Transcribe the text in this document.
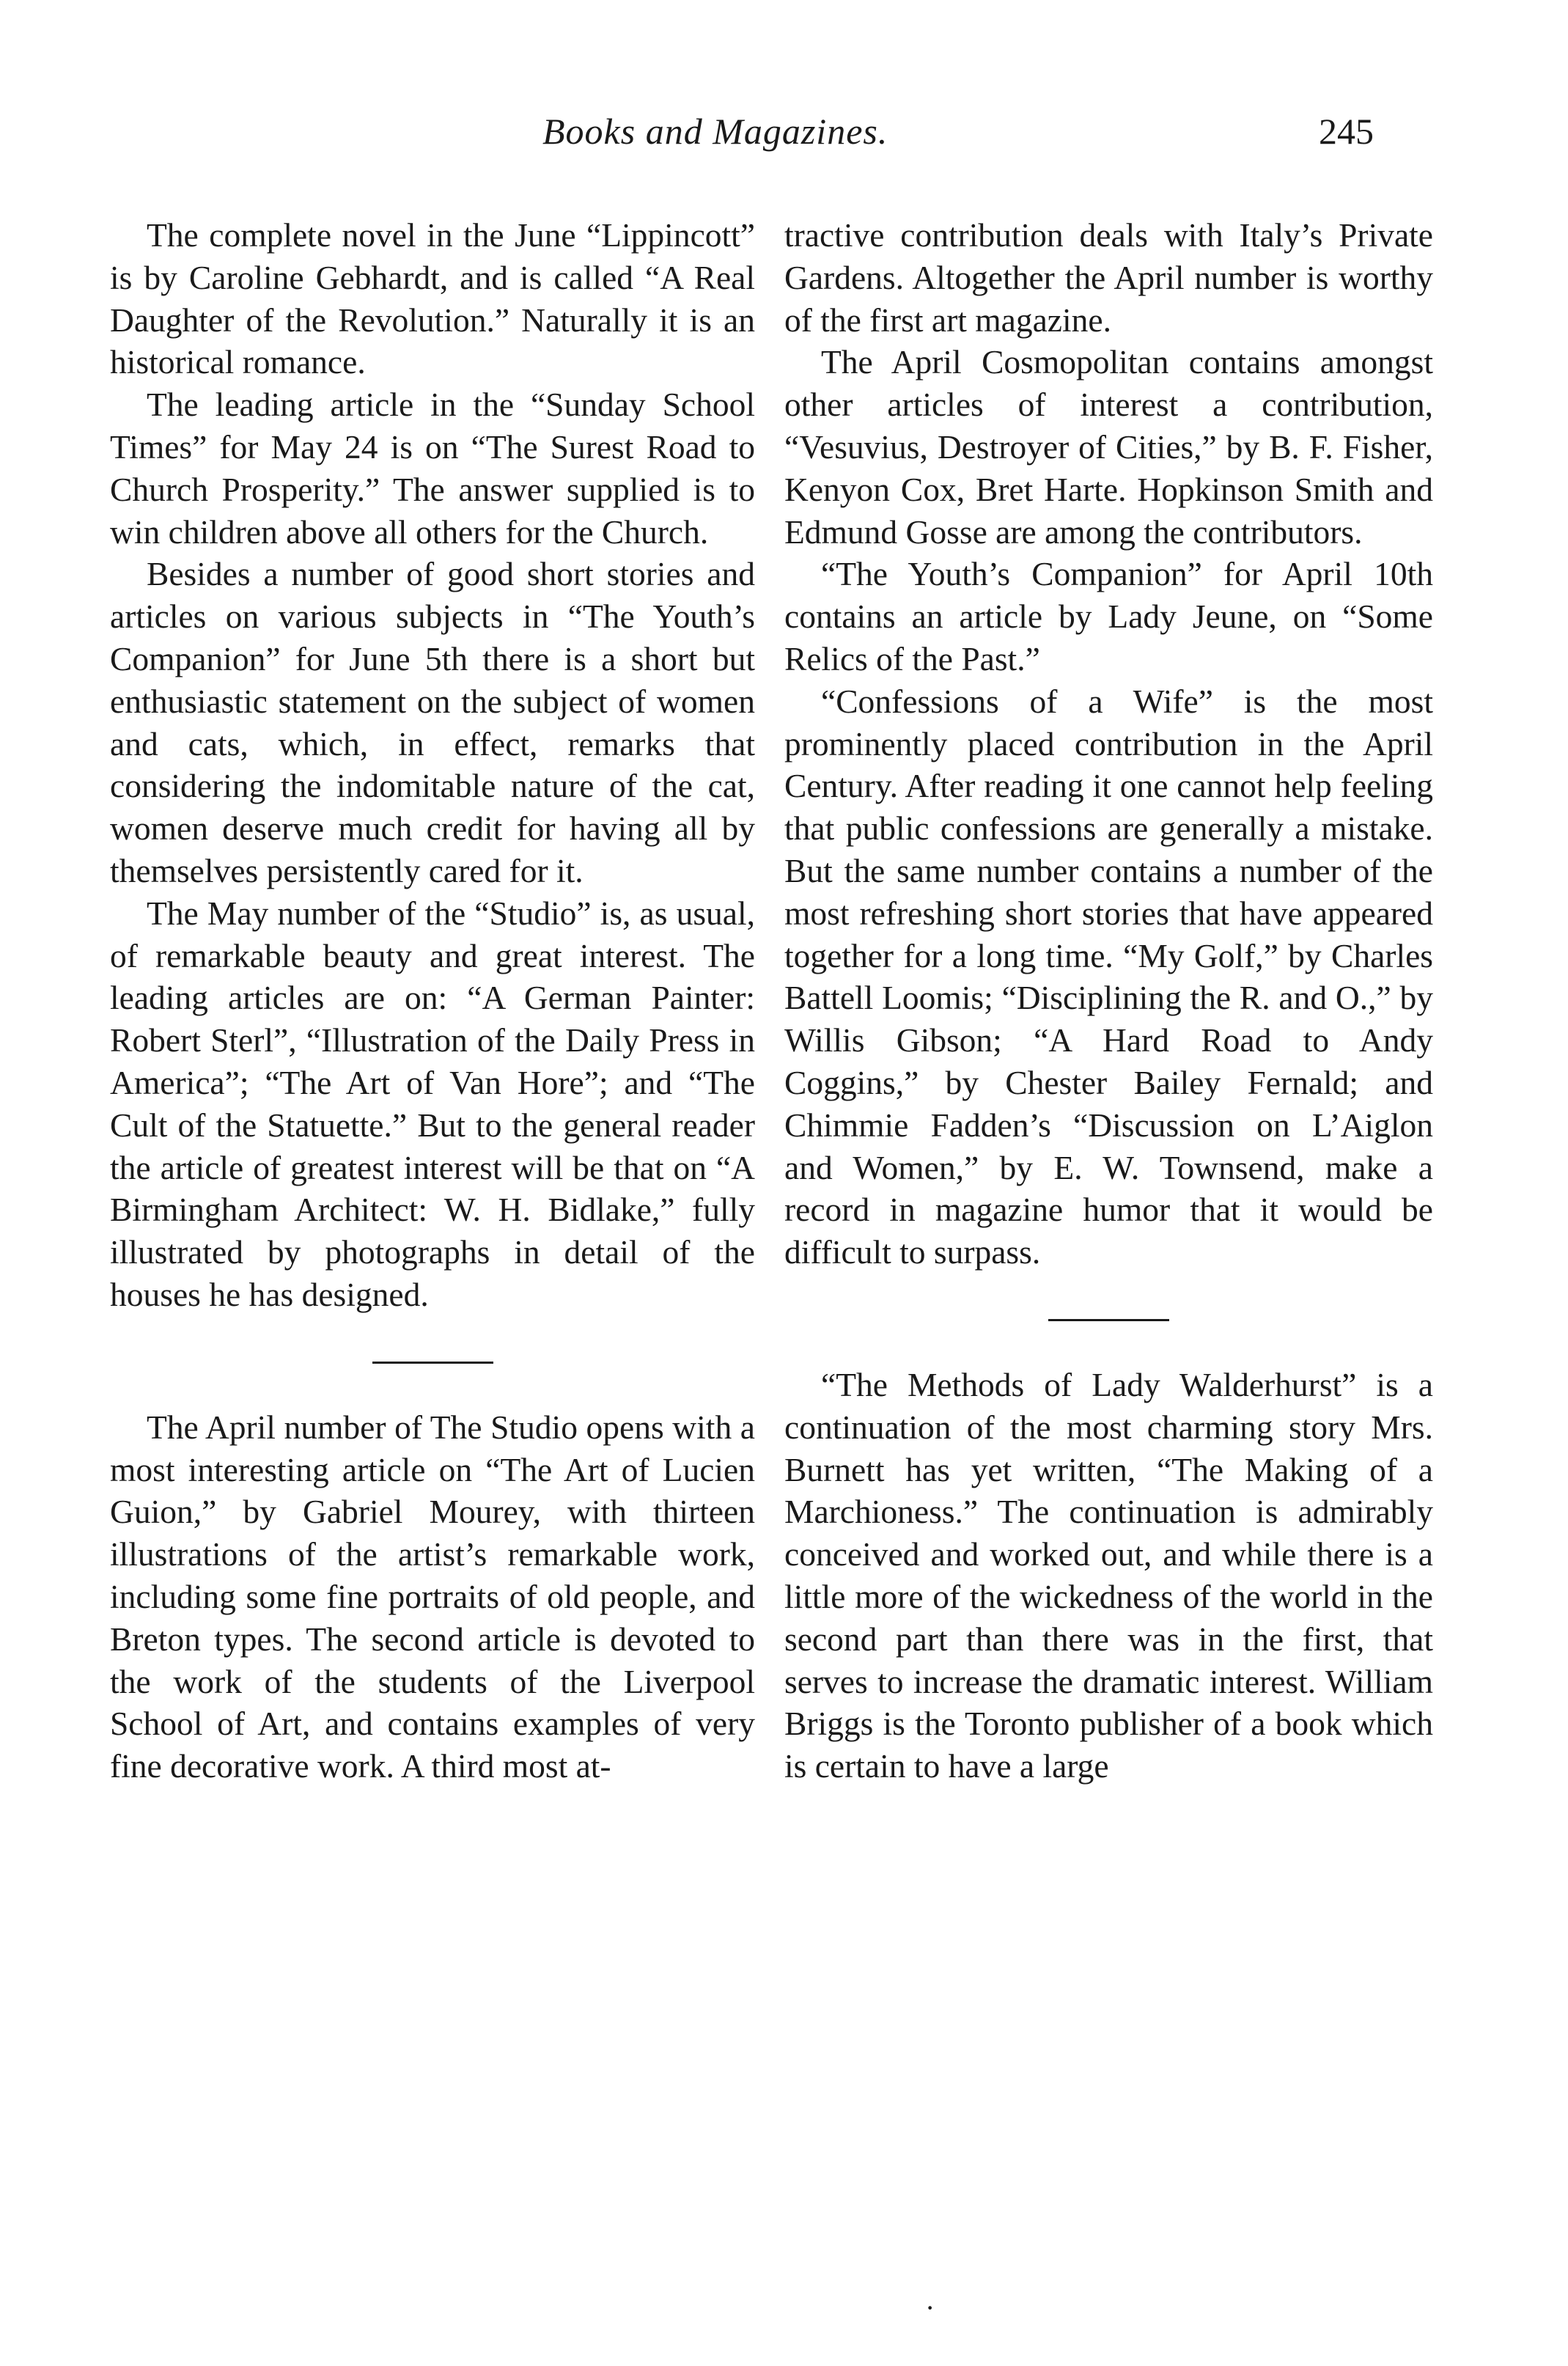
Books and Magazines.	245

The complete novel in the June “Lippincott” is by Caroline Gebhardt, and is called “A Real Daughter of the Revolution.” Naturally it is an historical romance.

The leading article in the “Sunday School Times” for May 24 is on “The Surest Road to Church Prosperity.” The answer supplied is to win children above all others for the Church.

Besides a number of good short stories and articles on various subjects in “The Youth’s Companion” for June 5th there is a short but enthusiastic statement on the subject of women and cats, which, in effect, remarks that considering the indomitable nature of the cat, women deserve much credit for having all by themselves persistently cared for it.

The May number of the “Studio” is, as usual, of remarkable beauty and great interest. The leading articles are on: “A German Painter: Robert Sterl”, “Illustration of the Daily Press in America”; “The Art of Van Hore”; and “The Cult of the Statuette.” But to the general reader the article of greatest interest will be that on “A Birmingham Architect: W. H. Bidlake,” fully illustrated by photographs in detail of the houses he has designed.

The April number of The Studio opens with a most interesting article on “The Art of Lucien Guion,” by Gabriel Mourey, with thirteen illustrations of the artist’s remarkable work, including some fine portraits of old people, and Breton types. The second article is devoted to the work of the students of the Liverpool School of Art, and contains examples of very fine decorative work. A third most at-

tractive contribution deals with Italy’s Private Gardens. Altogether the April number is worthy of the first art magazine.

The April Cosmopolitan contains amongst other articles of interest a contribution, “Vesuvius, Destroyer of Cities,” by B. F. Fisher, Kenyon Cox, Bret Harte. Hopkinson Smith and Edmund Gosse are among the contributors.

“The Youth’s Companion” for April 10th contains an article by Lady Jeune, on “Some Relics of the Past.”

“Confessions of a Wife” is the most prominently placed contribution in the April Century. After reading it one cannot help feeling that public confessions are generally a mistake. But the same number contains a number of the most refreshing short stories that have appeared together for a long time. “My Golf,” by Charles Battell Loomis; “Disciplining the R. and O.,” by Willis Gibson; “A Hard Road to Andy Coggins,” by Chester Bailey Fernald; and Chimmie Fadden’s “Discussion on L’Aiglon and Women,” by E. W. Townsend, make a record in magazine humor that it would be difficult to surpass.

“The Methods of Lady Walderhurst” is a continuation of the most charming story Mrs. Burnett has yet written, “The Making of a Marchioness.” The continuation is admirably conceived and worked out, and while there is a little more of the wickedness of the world in the second part than there was in the first, that serves to increase the dramatic interest. William Briggs is the Toronto publisher of a book which is certain to have a large

·
